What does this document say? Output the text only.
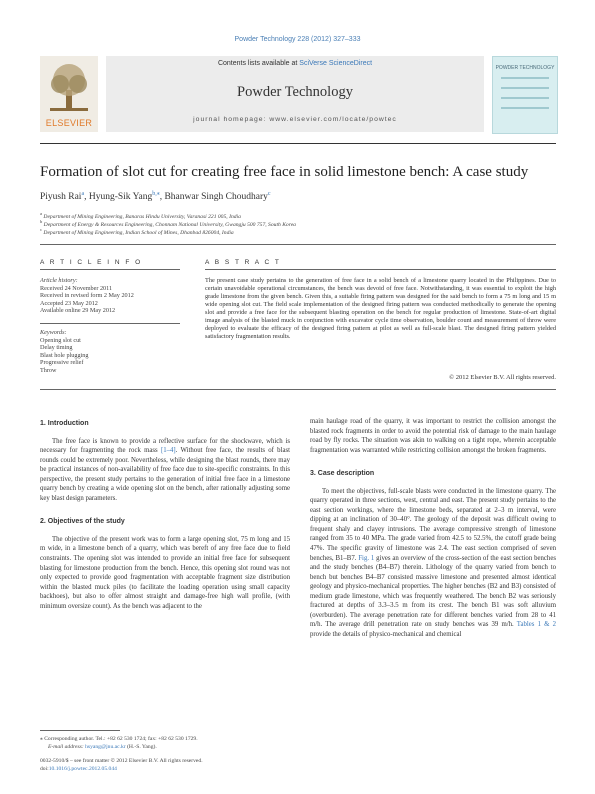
Powder Technology 228 (2012) 327–333
ELSEVIER
Contents lists available at SciVerse ScienceDirect
Powder Technology
journal homepage: www.elsevier.com/locate/powtec
POWDER TECHNOLOGY
Formation of slot cut for creating free face in solid limestone bench: A case study
Piyush Rai$^a$, Hyung-Sik Yang$^{b,⁎}$, Bhanwar Singh Choudhary$^c$
$^a$ Department of Mining Engineering, Banaras Hindu University, Varanasi 221 005, India
$^b$ Department of Energy & Resources Engineering, Chonnam National University, Gwangju 500 757, South Korea
$^c$ Department of Mining Engineering, Indian School of Mines, Dhanbad 826004, India
A R T I C L E I N F O	A B S T R A C T
Article history:
Received 24 November 2011
Received in revised form 2 May 2012
Accepted 23 May 2012
Available online 29 May 2012
Keywords:
Opening slot cut
Delay timing
Blast hole plugging
Progressive relief
Throw
The present case study pertains to the generation of free face in a solid bench of a limestone quarry located in the Philippines. Due to certain unavoidable operational circumstances, the bench was devoid of free face. Notwithstanding, it was essential to exploit the high grade limestone from the given bench. Given this, a suitable firing pattern was designed for the said bench to form a 75 m long and 15 m wide opening slot cut. The field scale implementation of the designed firing pattern was conducted methodically to generate the opening slot and provide a free face for the subsequent blasting operation on the bench for regular production of limestone. State-of-art digital image analysis of the blasted muck in conjunction with excavator cycle time observation, boulder count and measurement of throw were deployed to evaluate the efficacy of the designed firing pattern at pilot as well as full-scale blast. The designed firing pattern yielded satisfactory fragmentation results.
© 2012 Elsevier B.V. All rights reserved.
1. Introduction

The free face is known to provide a reflective surface for the shockwave, which is necessary for fragmenting the rock mass [1–4]. Without free face, the results of blast rounds could be extremely poor. Nevertheless, while designing the blast rounds, there may be practical instances of non-availability of free face due to site-specific constraints. In this perspective, the present study pertains to the generation of initial free face in a limestone quarry bench by creating a wide opening slot on the bench, after rationally adjusting some key blast design parameters.

2. Objectives of the study

The objective of the present work was to form a large opening slot, 75 m long and 15 m wide, in a limestone bench of a quarry, which was bereft of any free face due to field constraints. The opening slot was intended to provide an initial free face for subsequent blasting for limestone production from the bench. Hence, this opening slot round was not only expected to provide good fragmentation with acceptable fragment size distribution within the blasted muck piles (to facilitate the loading operation using small capacity backhoes), but also to offer almost straight and damage-free high wall profile, (with minimum oversize count). As the bench was adjacent to the

main haulage road of the quarry, it was important to restrict the collision amongst the blasted rock fragments in order to avoid the potential risk of damage to the main haulage road by fly rocks. The situation was akin to walking on a tight rope, wherein acceptable fragmentation was warranted while restricting collision amongst the broken fragments.

3. Case description

To meet the objectives, full-scale blasts were conducted in the limestone quarry. The quarry operated in three sections, west, central and east. The present study pertains to the east section workings, where the limestone beds, separated at 2–3 m interval, were dipping at an inclination of 30–40°. The geology of the deposit was difficult owing to frequent shaly and clayey intrusions. The average compressive strength of limestone ranged from 35 to 40 MPa. The grade varied from 42.5 to 52.5%, the cutoff grade being 47%. The specific gravity of limestone was 2.4. The east section comprised of seven benches, B1–B7. Fig. 1 gives an overview of the cross-section of the east section benches and the study benches (B4–B7) therein. Lithology of the quarry varied from bench to bench but benches B4–B7 consisted massive limestone and presented almost identical geology and physico-mechanical properties. The higher benches (B2 and B3) consisted of medium grade limestone, which was frequently weathered. The bench B2 was seriously fractured at depths of 3.3–3.5 m from its crest. The bench B1 was soft alluvium (overburden). The average penetration rate for different benches varied from 28 to 41 m/h. The average drill penetration rate on study benches was 39 m/h. Tables 1 & 2 provide the details of physico-mechanical and chemical

⁎ Corresponding author. Tel.: +82 62 530 1724; fax: +82 62 530 1729.
E-mail address: hsyang@jnu.ac.kr (H.-S. Yang).
0032-5910/$ – see front matter © 2012 Elsevier B.V. All rights reserved.
doi:10.1016/j.powtec.2012.05.044
